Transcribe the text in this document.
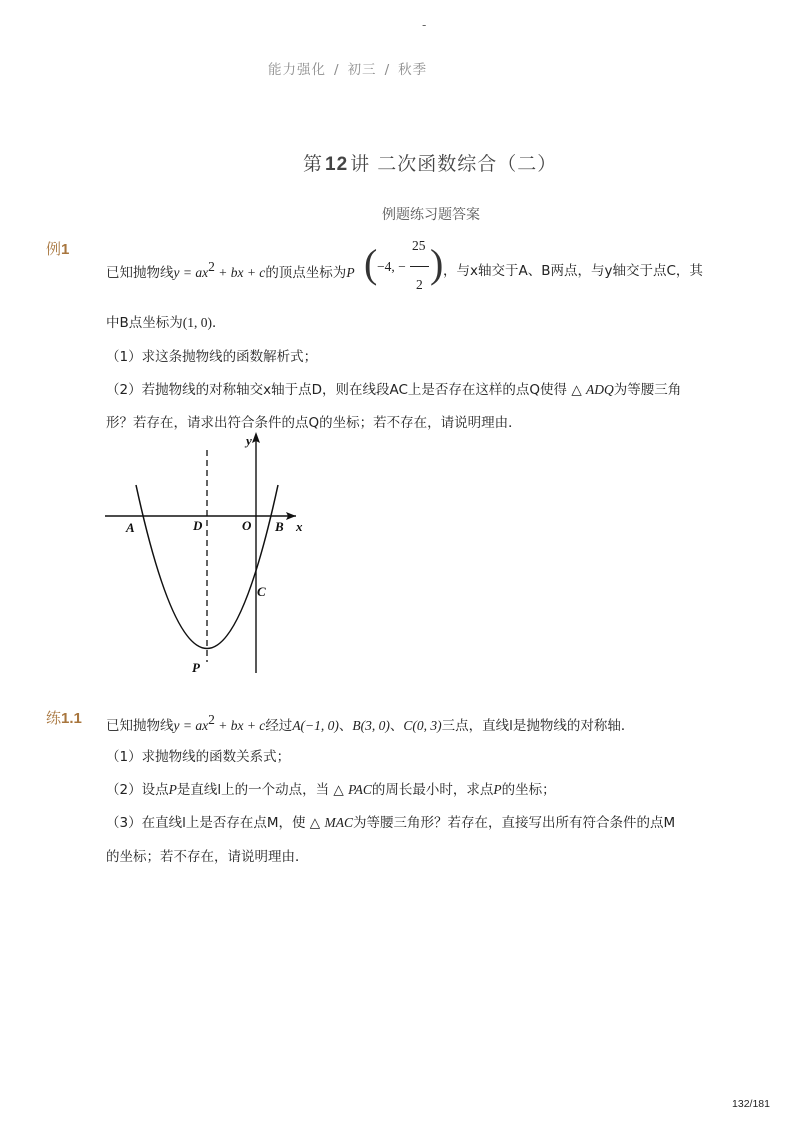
-
能力强化 / 初三 / 秋季
第 12 讲 二次函数综合（二）
例题练习题答案
例1
已知抛物线$y = ax^2$ + bx + c的顶点坐标为P ( −4, −
25
2 ) ，与x轴交于A、B两点，与y轴交于点C，其
中B点坐标为(1, 0)．
（1）求这条抛物线的函数解析式；
（2）若抛物线的对称轴交x轴于点D，则在线段AC上是否存在这样的点Q使得 △ ADQ为等腰三角
形？若存在，请求出符合条件的点Q的坐标；若不存在，请说明理由．
y
x
A	D	O B
C
P
练1.1 已知抛物线$y = ax^2$ + bx + c经过A(−1, 0)、B(3, 0)、C(0, 3)三点，直线l是抛物线的对称轴．
（1）求抛物线的函数关系式；
（2）设点P是直线l上的一个动点，当 △ PAC的周长最小时，求点P的坐标；
（3）在直线l上是否存在点M，使 △ MAC为等腰三角形？若存在，直接写出所有符合条件的点M
的坐标；若不存在，请说明理由．
132/181
